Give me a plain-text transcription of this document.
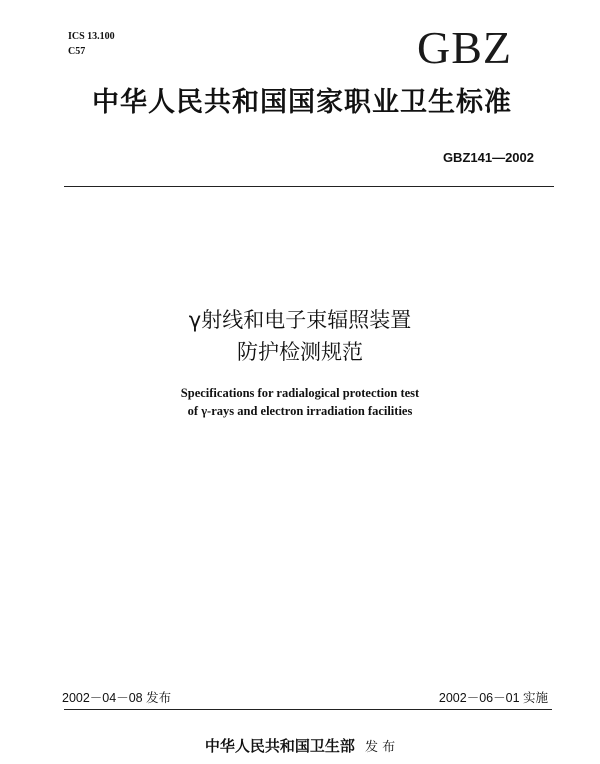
ICS 13.100
C57	GBZ
中华人民共和国国家职业卫生标准
GBZ141—2002
γ射线和电子束辐照装置
防护检测规范
Specifications for radialogical protection test
of γ-rays and electron irradiation facilities
2002－04－08 发布	2002－06－01 实施
中华人民共和国卫生部 发 布
